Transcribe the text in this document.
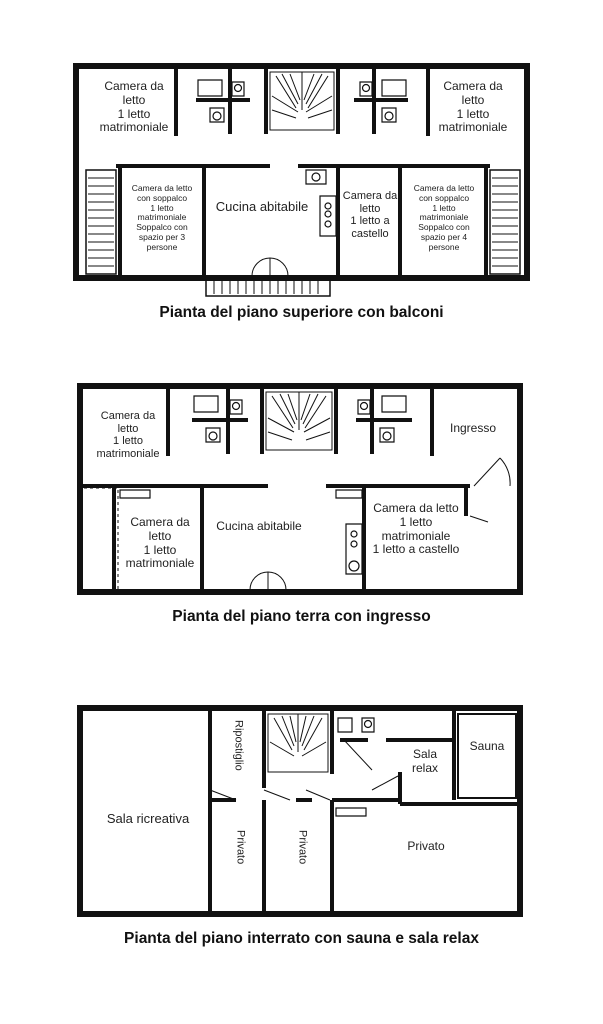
Camera da
letto
1 letto
matrimoniale
Camera da
letto
1 letto
matrimoniale
Camera da letto
con soppalco
1 letto
matrimoniale
Soppalco con
spazio per 3
persone
Cucina abitabile
Camera da
letto
1 letto a
castello
Camera da letto
con soppalco
1 letto
matrimoniale
Soppalco con
spazio per 4
persone
Pianta del piano superiore con balconi
Camera da
letto
1 letto
matrimoniale
Ingresso
Camera da
letto
1 letto
matrimoniale
Cucina abitabile
Camera da letto
1 letto
matrimoniale
1 letto a castello
Pianta del piano terra con ingresso
Ripostiglio	Sala
relax
Sauna
Sala ricreativa
Privato	Privato	Privato
Pianta del piano interrato con sauna e sala relax
